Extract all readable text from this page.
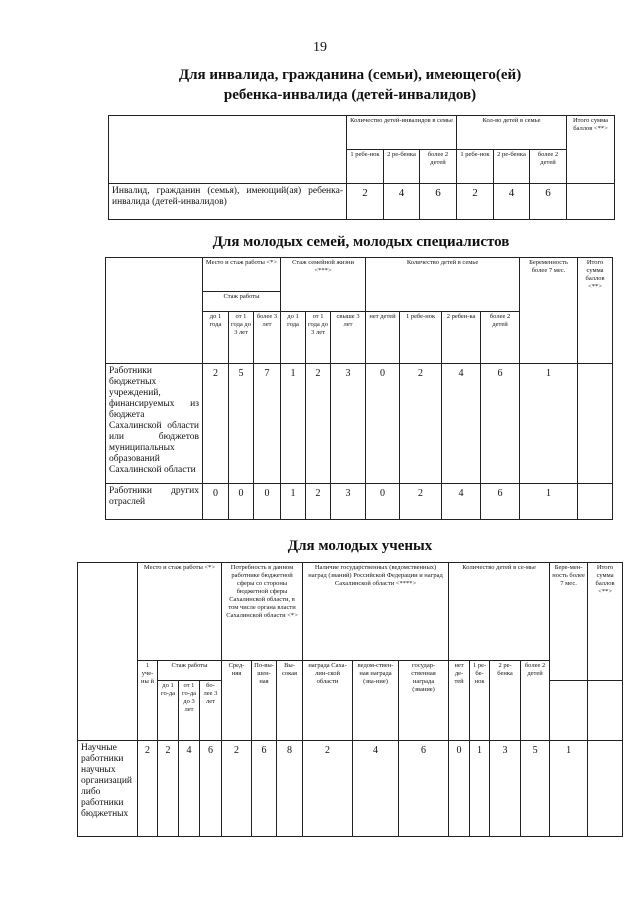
19
Для инвалида, гражданина (семьи), имеющего(ей)
ребенка-инвалида (детей-инвалидов)
	Количество детей-инвалидов в семье			Кол-во детей в семье			Итого сумма баллов <**>
	1 ребе-нок	2 ре-бенка	более 2 детей	1 ребе-нок	2 ре-бенка	более 2 детей	
Инвалид, гражданин (семья), имеющий(ая) ребенка-инвалида (детей-инвалидов)	2	4	6	2	4	6	
Для молодых семей, молодых специалистов
	Место и стаж работы <*>			Стаж семейной жизни <***>			Количество детей в семье				Беременность более 7 мес.	Итого сумма баллов <**>
	Стаж работы											
	до 1 года	от 1 года до 3 лет	более 3 лет	до 1 года	от 1 года до 3 лет	свыше 3 лет	нет детей	1 ребе-нок	2 ребен-ка	более 2 детей		
Работники бюджетных учреждений, финансируемых из бюджета Сахалинской области или бюджетов муниципальных образований Сахалинской области	2	5	7	1	2	3	0	2	4	6	1	
Работники других отраслей	0	0	0	1	2	3	0	2	4	6	1	
Для молодых ученых
	Место и стаж работы <*>				Потребность в данном работнике бюджетной сферы со стороны бюджетной сферы Сахалинской области, в том числе органа власти Сахалинской области <*>			Наличие государственных (ведомственных) наград (званий) Российской Федерации и наград Сахалинской области <****>			Количество детей в се-мье				Бере-мен-ность более 7 мес.	Итого сумма баллов <**>
	1 уче-ны й	Стаж работы			Сред-няя	По-вы-шен-ная	Вы-сокая	награда Саха-лин-ской области	ведом-ствен-ная награда (зва-ние)	государ-ственная награда (звание)	нет де-тей	1 ре-бе-нок	2 ре-бенка	более 2 детей		
		до 1 го-да	от 1 го-да до 3 лет	бо-лее 3 лет												
Научные работники научных организаций либо работники бюджетных	2	2	4	6	2	6	8	2	4	6	0	1	3	5	1	
